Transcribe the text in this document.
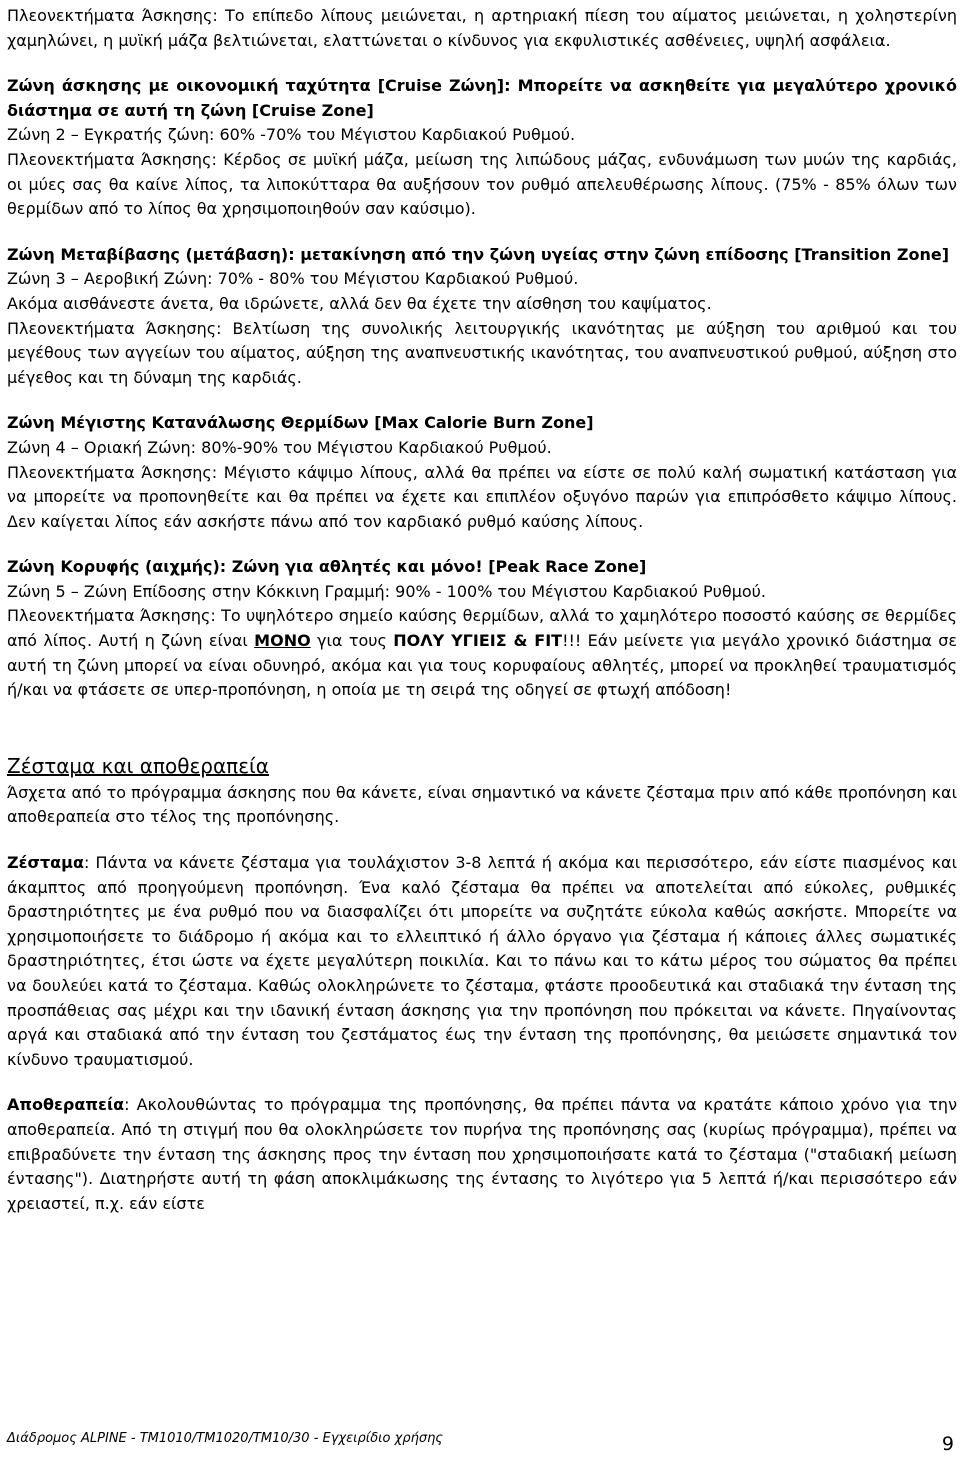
Πλεονεκτήματα Άσκησης: Το επίπεδο λίπους μειώνεται, η αρτηριακή πίεση του αίματος μειώνεται, η χοληστερίνη χαμηλώνει, η μυϊκή μάζα βελτιώνεται, ελαττώνεται ο κίνδυνος για εκφυλιστικές ασθένειες, υψηλή ασφάλεια.

Ζώνη άσκησης με οικονομική ταχύτητα [Cruise Ζώνη]: Μπορείτε να ασκηθείτε για μεγαλύτερο χρονικό διάστημα σε αυτή τη ζώνη [Cruise Zone]

Ζώνη 2 – Εγκρατής ζώνη: 60% -70% του Μέγιστου Καρδιακού Ρυθμού.

Πλεονεκτήματα Άσκησης: Κέρδος σε μυϊκή μάζα, μείωση της λιπώδους μάζας, ενδυνάμωση των μυών της καρδιάς, οι μύες σας θα καίνε λίπος, τα λιποκύτταρα θα αυξήσουν τον ρυθμό απελευθέρωσης λίπους. (75% - 85% όλων των θερμίδων από το λίπος θα χρησιμοποιηθούν σαν καύσιμο).

Ζώνη Μεταβίβασης (μετάβαση): μετακίνηση από την ζώνη υγείας στην ζώνη επίδοσης [Transition Zone]

Ζώνη 3 – Αεροβική Ζώνη: 70% - 80% του Μέγιστου Καρδιακού Ρυθμού.

Ακόμα αισθάνεστε άνετα, θα ιδρώνετε, αλλά δεν θα έχετε την αίσθηση του καψίματος.

Πλεονεκτήματα Άσκησης: Βελτίωση της συνολικής λειτουργικής ικανότητας με αύξηση του αριθμού και του μεγέθους των αγγείων του αίματος, αύξηση της αναπνευστικής ικανότητας, του αναπνευστικού ρυθμού, αύξηση στο μέγεθος και τη δύναμη της καρδιάς.

Ζώνη Μέγιστης Κατανάλωσης Θερμίδων [Max Calorie Burn Zone]

Ζώνη 4 – Οριακή Ζώνη: 80%-90% του Μέγιστου Καρδιακού Ρυθμού.

Πλεονεκτήματα Άσκησης: Μέγιστο κάψιμο λίπους, αλλά θα πρέπει να είστε σε πολύ καλή σωματική κατάσταση για να μπορείτε να προπονηθείτε και θα πρέπει να έχετε και επιπλέον οξυγόνο παρών για επιπρόσθετο κάψιμο λίπους. Δεν καίγεται λίπος εάν ασκήστε πάνω από τον καρδιακό ρυθμό καύσης λίπους.

Ζώνη Κορυφής (αιχμής): Ζώνη για αθλητές και μόνο! [Peak Race Zone]

Ζώνη 5 – Ζώνη Επίδοσης στην Κόκκινη Γραμμή: 90% - 100% του Μέγιστου Καρδιακού Ρυθμού.

Πλεονεκτήματα Άσκησης: Το υψηλότερο σημείο καύσης θερμίδων, αλλά το χαμηλότερο ποσοστό καύσης σε θερμίδες από λίπος. Αυτή η ζώνη είναι ΜΟΝΟ για τους ΠΟΛΥ ΥΓΙΕΙΣ & FIT!!! Εάν μείνετε για μεγάλο χρονικό διάστημα σε αυτή τη ζώνη μπορεί να είναι οδυνηρό, ακόμα και για τους κορυφαίους αθλητές, μπορεί να προκληθεί τραυματισμός ή/και να φτάσετε σε υπερ-προπόνηση, η οποία με τη σειρά της οδηγεί σε φτωχή απόδοση!

Ζέσταμα και αποθεραπεία

Άσχετα από το πρόγραμμα άσκησης που θα κάνετε, είναι σημαντικό να κάνετε ζέσταμα πριν από κάθε προπόνηση και αποθεραπεία στο τέλος της προπόνησης.

Ζέσταμα: Πάντα να κάνετε ζέσταμα για τουλάχιστον 3-8 λεπτά ή ακόμα και περισσότερο, εάν είστε πιασμένος και άκαμπτος από προηγούμενη προπόνηση. Ένα καλό ζέσταμα θα πρέπει να αποτελείται από εύκολες, ρυθμικές δραστηριότητες με ένα ρυθμό που να διασφαλίζει ότι μπορείτε να συζητάτε εύκολα καθώς ασκήστε. Μπορείτε να χρησιμοποιήσετε το διάδρομο ή ακόμα και το ελλειπτικό ή άλλο όργανο για ζέσταμα ή κάποιες άλλες σωματικές δραστηριότητες, έτσι ώστε να έχετε μεγαλύτερη ποικιλία. Και το πάνω και το κάτω μέρος του σώματος θα πρέπει να δουλεύει κατά το ζέσταμα. Καθώς ολοκληρώνετε το ζέσταμα, φτάστε προοδευτικά και σταδιακά την ένταση της προσπάθειας σας μέχρι και την ιδανική ένταση άσκησης για την προπόνηση που πρόκειται να κάνετε. Πηγαίνοντας αργά και σταδιακά από την ένταση του ζεστάματος έως την ένταση της προπόνησης, θα μειώσετε σημαντικά τον κίνδυνο τραυματισμού.

Αποθεραπεία: Ακολουθώντας το πρόγραμμα της προπόνησης, θα πρέπει πάντα να κρατάτε κάποιο χρόνο για την αποθεραπεία. Από τη στιγμή που θα ολοκληρώσετε τον πυρήνα της προπόνησης σας (κυρίως πρόγραμμα), πρέπει να επιβραδύνετε την ένταση της άσκησης προς την ένταση που χρησιμοποιήσατε κατά το ζέσταμα ("σταδιακή μείωση έντασης"). Διατηρήστε αυτή τη φάση αποκλιμάκωσης της έντασης το λιγότερο για 5 λεπτά ή/και περισσότερο εάν χρειαστεί, π.χ. εάν είστε

Διάδρομος ALPINE - TM1010/TM1020/TM10/30 - Εγχειρίδιο χρήσης	9
